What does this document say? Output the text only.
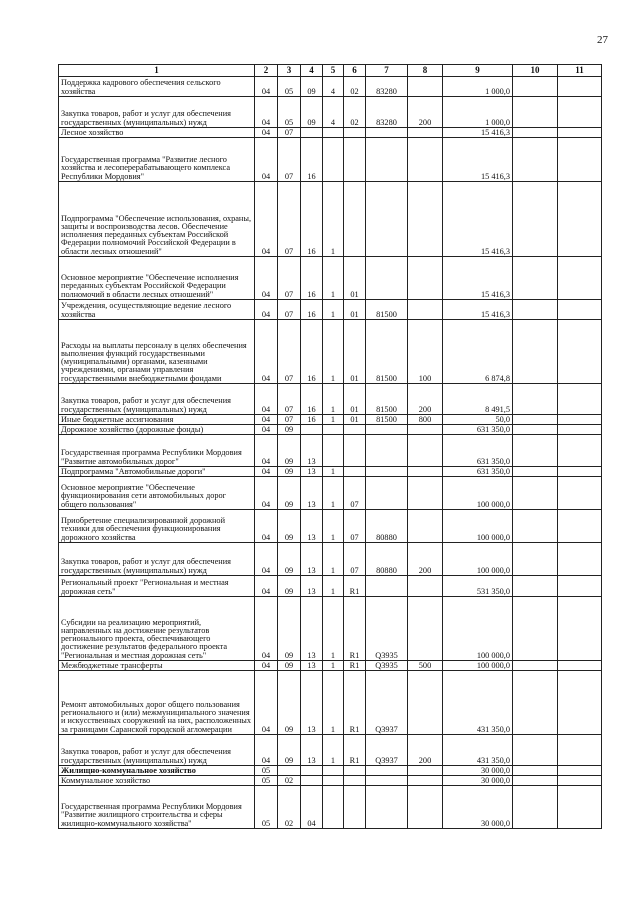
27
1	2	3	4	5	6	7	8	9	10	11
Поддержка кадрового обеспечения сельского хозяйства	04	05	09	4	02	83280		1 000,0		
Закупка товаров, работ и услуг для обеспечения государственных (муниципальных) нужд	04	05	09	4	02	83280	200	1 000,0		
Лесное хозяйство	04	07						15 416,3		
Государственная программа "Развитие лесного хозяйства и лесоперерабатывающего комплекса Республики Мордовия"	04	07	16					15 416,3		
Подпрограмма "Обеспечение использования, охраны, защиты и воспроизводства лесов. Обеспечение исполнения переданных субъектам Российской Федерации полномочий Российской Федерации в области лесных отношений"	04	07	16	1				15 416,3		
Основное мероприятие "Обеспечение исполнения переданных субъектам Российской Федерации полномочий в области лесных отношений"	04	07	16	1	01			15 416,3		
Учреждения, осуществляющие ведение лесного хозяйства	04	07	16	1	01	81500		15 416,3		
Расходы на выплаты персоналу в целях обеспечения выполнения функций государственными (муниципальными) органами, казенными учреждениями, органами управления государственными внебюджетными фондами	04	07	16	1	01	81500	100	6 874,8		
Закупка товаров, работ и услуг для обеспечения государственных (муниципальных) нужд	04	07	16	1	01	81500	200	8 491,5		
Иные бюджетные ассигнования	04	07	16	1	01	81500	800	50,0		
Дорожное хозяйство (дорожные фонды)	04	09						631 350,0		
Государственная программа Республики Мордовия "Развитие автомобильных дорог"	04	09	13					631 350,0		
Подпрограмма "Автомобильные дороги"	04	09	13	1				631 350,0		
Основное мероприятие "Обеспечение функционирования сети автомобильных дорог общего пользования"	04	09	13	1	07			100 000,0		
Приобретение специализированной дорожной техники для обеспечения функционирования дорожного хозяйства	04	09	13	1	07	80880		100 000,0		
Закупка товаров, работ и услуг для обеспечения государственных (муниципальных) нужд	04	09	13	1	07	80880	200	100 000,0		
Региональный проект "Региональная и местная дорожная сеть"	04	09	13	1	R1			531 350,0		
Субсидии на реализацию мероприятий, направленных на достижение результатов регионального проекта, обеспечивающего достижение результатов федерального проекта "Региональная и местная дорожная сеть"	04	09	13	1	R1	Q3935		100 000,0		
Межбюджетные трансферты	04	09	13	1	R1	Q3935	500	100 000,0		
Ремонт автомобильных дорог общего пользования регионального и (или) межмуниципального значения и искусственных сооружений на них, расположенных за границами Саранской городской агломерации	04	09	13	1	R1	Q3937		431 350,0		
Закупка товаров, работ и услуг для обеспечения государственных (муниципальных) нужд	04	09	13	1	R1	Q3937	200	431 350,0		
Жилищно-коммунальное хозяйство	05							30 000,0		
Коммунальное хозяйство	05	02						30 000,0		
Государственная программа Республики Мордовия "Развитие жилищного строительства и сферы жилищно-коммунального хозяйства"	05	02	04					30 000,0		
